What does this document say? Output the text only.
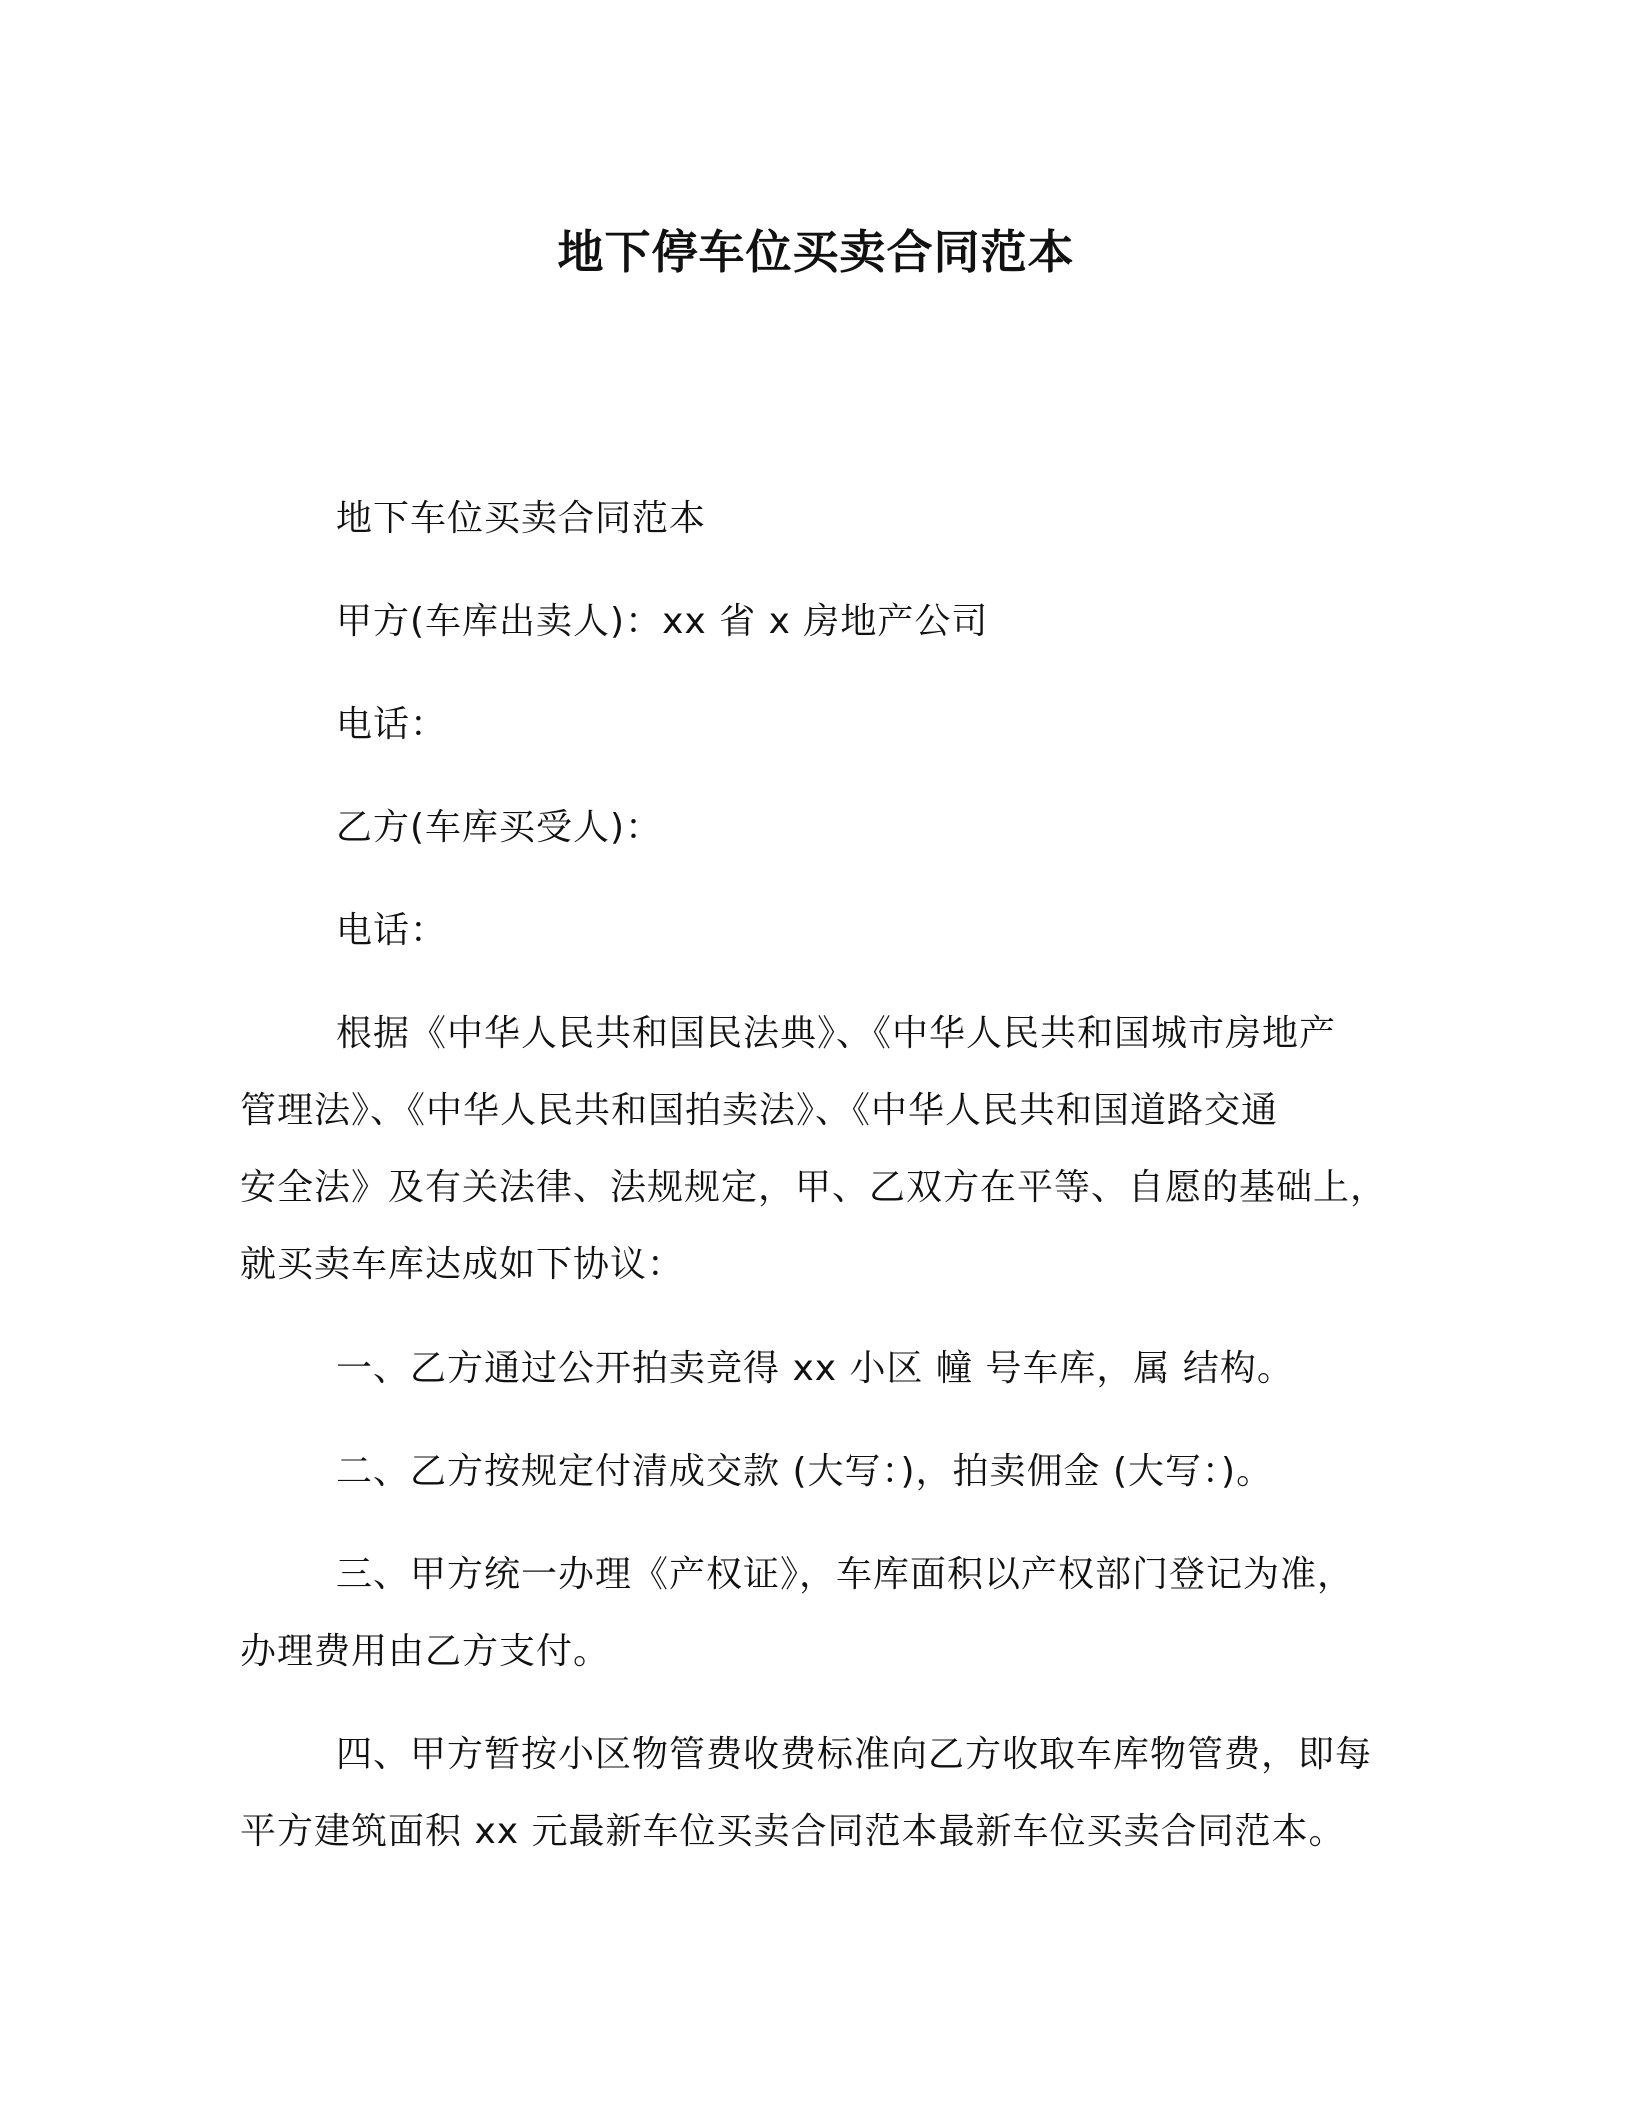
地下停车位买卖合同范本
地下车位买卖合同范本
甲方(车库出卖人)：xx 省 x 房地产公司
电话：
乙方(车库买受人)：
电话：
根据《中华人民共和国民法典》、《中华人民共和国城市房地产
管理法》、《中华人民共和国拍卖法》、《中华人民共和国道路交通
安全法》及有关法律、法规规定，甲、乙双方在平等、自愿的基础上，
就买卖车库达成如下协议：
一、乙方通过公开拍卖竞得 xx 小区 幢 号车库，属 结构。
二、乙方按规定付清成交款 (大写：)，拍卖佣金 (大写：)。
三、甲方统一办理《产权证》，车库面积以产权部门登记为准，
办理费用由乙方支付。
四、甲方暂按小区物管费收费标准向乙方收取车库物管费，即每
平方建筑面积 xx 元最新车位买卖合同范本最新车位买卖合同范本。
